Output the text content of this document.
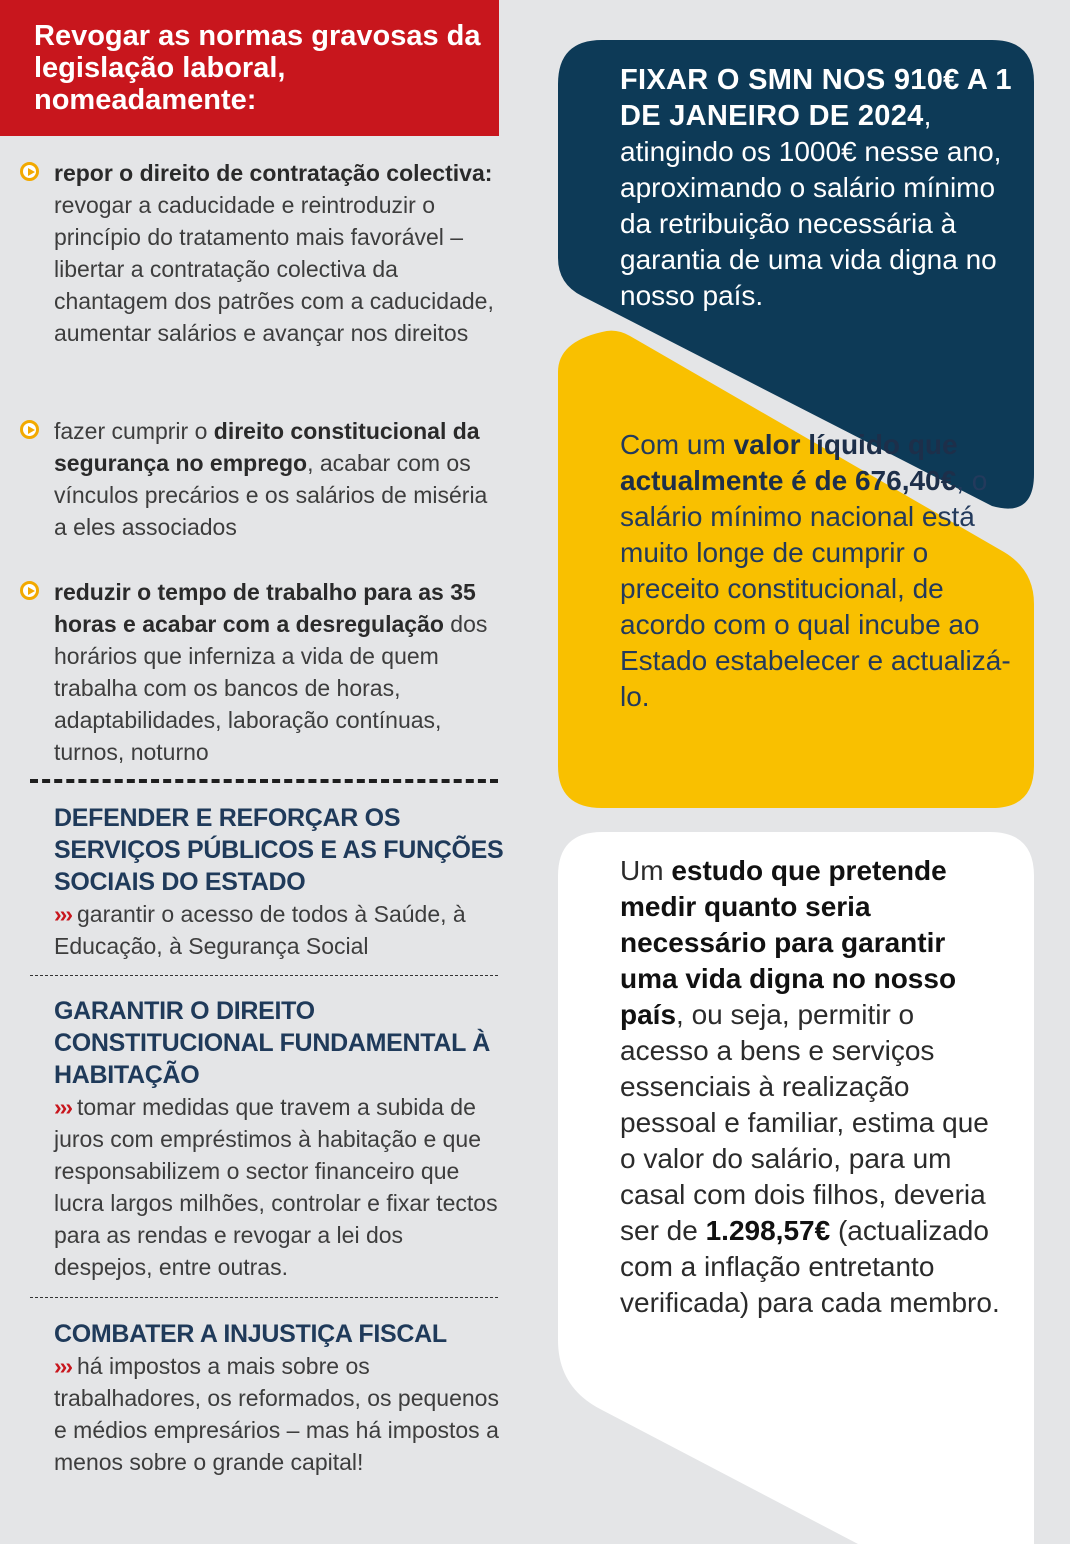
Revogar as normas gravosas da legislação laboral, nomeadamente:
repor o direito de contratação colectiva: revogar a caducidade e reintroduzir o princípio do tratamento mais favorável – libertar a contratação colectiva da chantagem dos patrões com a caducidade, aumentar salários e avançar nos direitos
fazer cumprir o direito constitucional da segurança no emprego, acabar com os vínculos precários e os salários de miséria a eles associados
reduzir o tempo de trabalho para as 35 horas e acabar com a desregulação dos horários que inferniza a vida de quem trabalha com os bancos de horas, adaptabilidades, laboração contínuas, turnos, noturno
DEFENDER E REFORÇAR OS SERVIÇOS PÚBLICOS E AS FUNÇÕES SOCIAIS DO ESTADO
››› garantir o acesso de todos à Saúde, à Educação, à Segurança Social
GARANTIR O DIREITO CONSTITUCIONAL FUNDAMENTAL À HABITAÇÃO
››› tomar medidas que travem a subida de juros com empréstimos à habitação e que responsabilizem o sector financeiro que lucra largos milhões, controlar e fixar tectos para as rendas e revogar a lei dos despejos, entre outras.
COMBATER A INJUSTIÇA FISCAL
››› há impostos a mais sobre os trabalhadores, os reformados, os pequenos e médios empresários – mas há impostos a menos sobre o grande capital!
FIXAR O SMN NOS 910€ A 1 DE JANEIRO DE 2024, atingindo os 1000€ nesse ano, aproximando o salário mínimo da retribuição necessária à garantia de uma vida digna no nosso país.
Com um valor líquido que actualmente é de 676,40€, o salário mínimo nacional está muito longe de cumprir o preceito constitucional, de acordo com o qual incube ao Estado estabelecer e actualizá-lo.
Um estudo que pretende medir quanto seria necessário para garantir uma vida digna no nosso país, ou seja, permitir o acesso a bens e serviços essenciais à realização pessoal e familiar, estima que o valor do salário, para um casal com dois filhos, deveria ser de 1.298,57€ (actualizado com a inflação entretanto verificada) para cada membro.
